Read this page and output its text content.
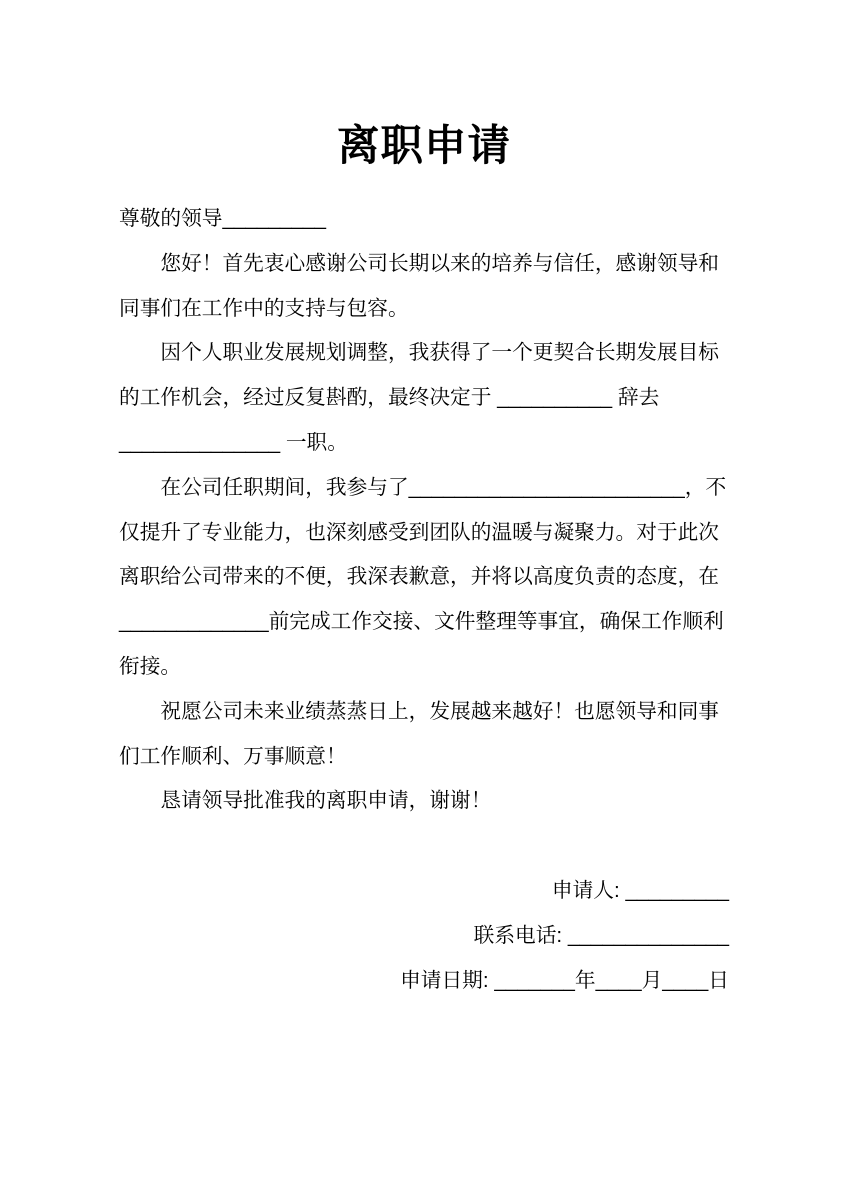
离职申请

尊敬的领导_________

您好！首先衷心感谢公司长期以来的培养与信任，感谢领导和同事们在工作中的支持与包容。

因个人职业发展规划调整，我获得了一个更契合长期发展目标的工作机会，经过反复斟酌，最终决定于 __________ 辞去 ______________ 一职。

在公司任职期间，我参与了________________________，不仅提升了专业能力，也深刻感受到团队的温暖与凝聚力。对于此次离职给公司带来的不便，我深表歉意，并将以高度负责的态度，在_____________前完成工作交接、文件整理等事宜，确保工作顺利衔接。

祝愿公司未来业绩蒸蒸日上，发展越来越好！也愿领导和同事们工作顺利、万事顺意！

恳请领导批准我的离职申请，谢谢！

申请人: _________
联系电话: ______________
申请日期: _______年____月____日
